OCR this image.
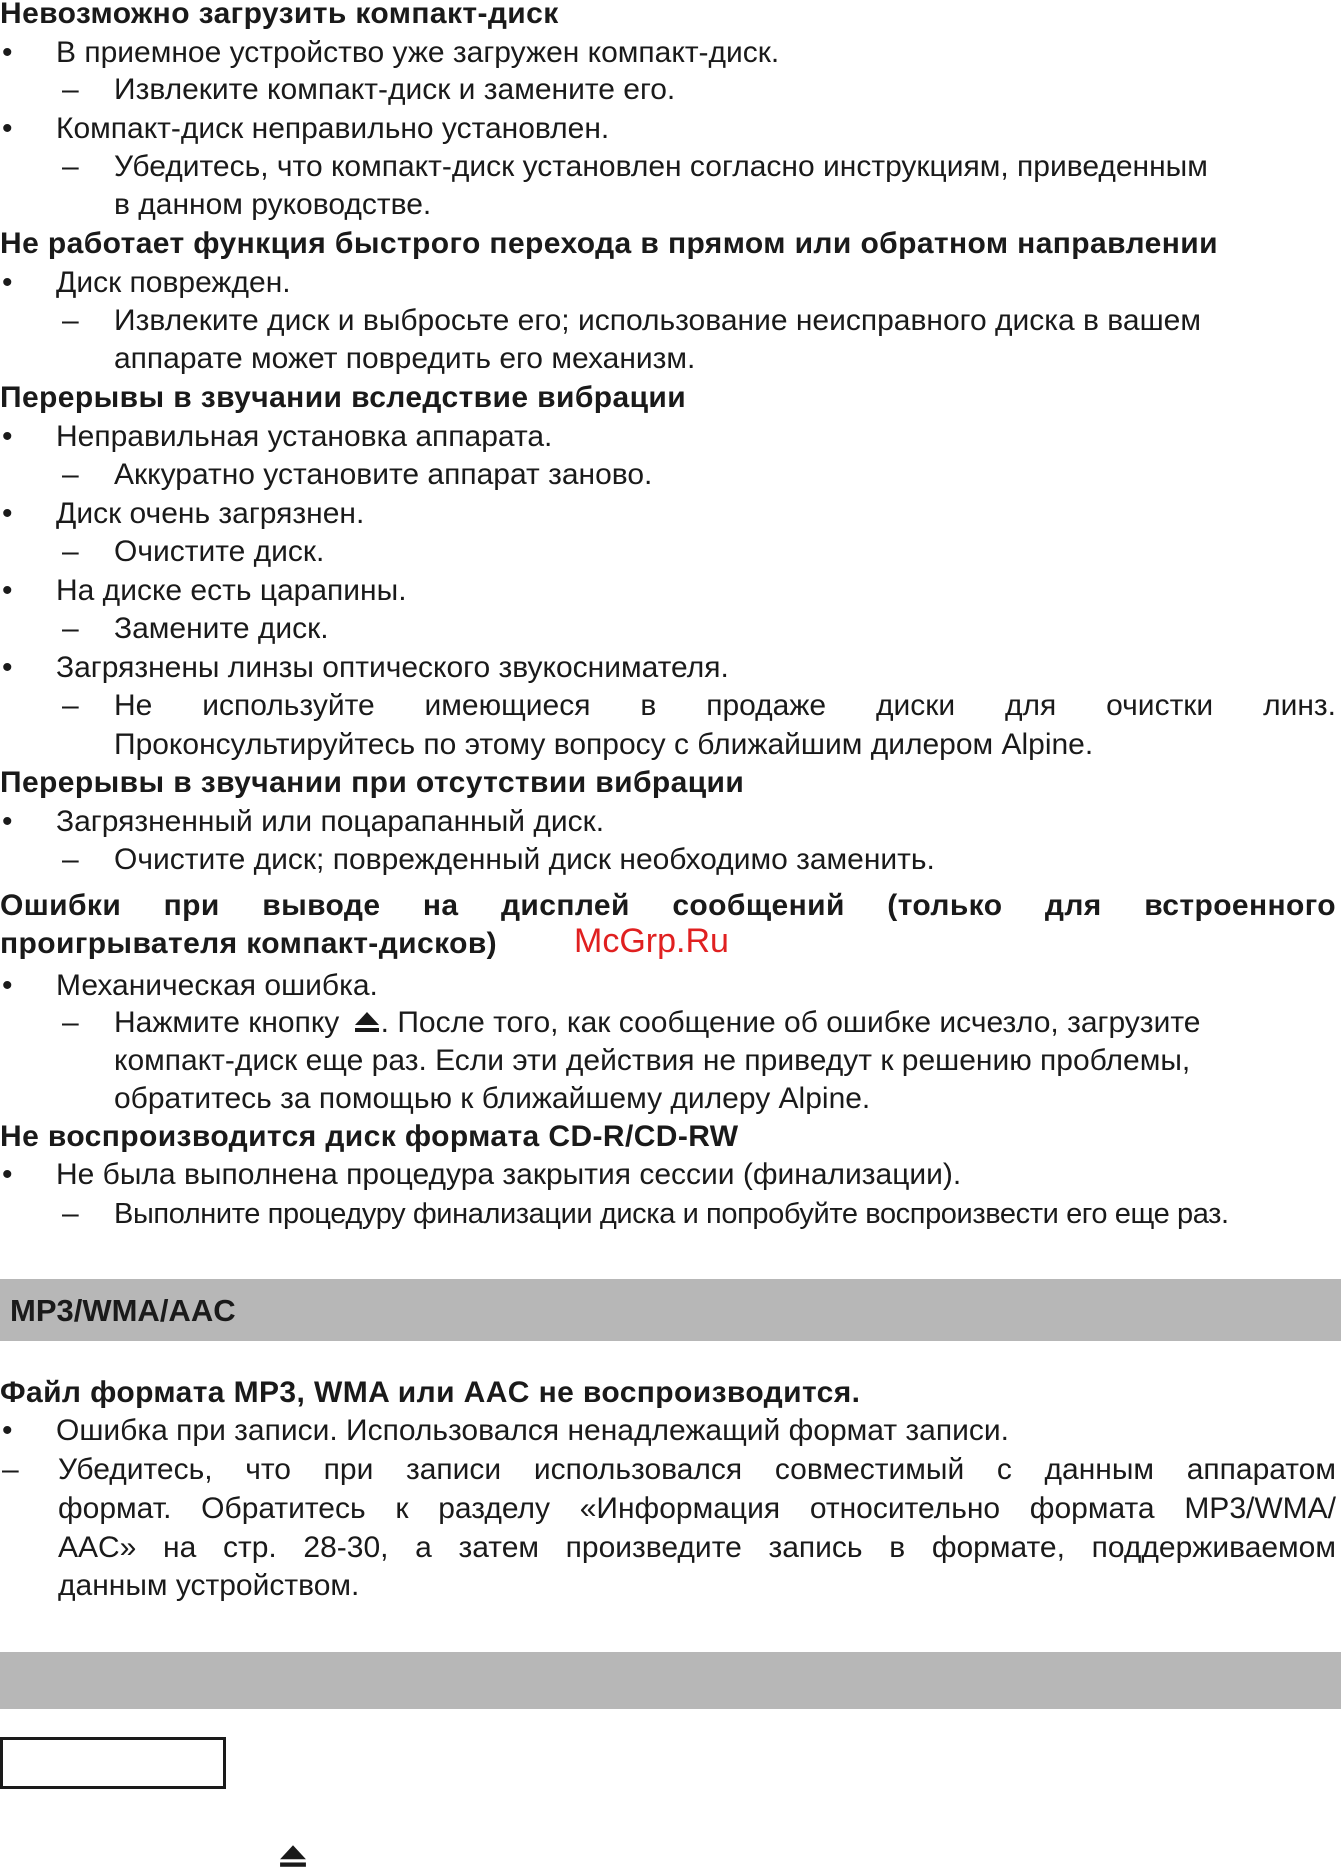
Невозможно загрузить компакт-диск
• В приемное устройство уже загружен компакт-диск.
– Извлеките компакт-диск и замените его.
• Компакт-диск неправильно установлен.
– Убедитесь, что компакт-диск установлен согласно инструкциям, приведенным
в данном руководстве.
Не работает функция быстрого перехода в прямом или обратном направлении
• Диск поврежден.
– Извлеките диск и выбросьте его; использование неисправного диска в вашем
аппарате может повредить его механизм.
Перерывы в звучании вследствие вибрации
• Неправильная установка аппарата.
– Аккуратно установите аппарат заново.
• Диск очень загрязнен.
– Очистите диск.
• На диске есть царапины.
– Замените диск.
• Загрязнены линзы оптического звукоснимателя.
– Не используйте имеющиеся в продаже диски для очистки линз.
Проконсультируйтесь по этому вопросу с ближайшим дилером Alpine.
Перерывы в звучании при отсутствии вибрации
• Загрязненный или поцарапанный диск.
– Очистите диск; поврежденный диск необходимо заменить.
Ошибки при выводе на дисплей сообщений (только для встроенного
проигрывателя компакт-дисков) McGrp.Ru
• Механическая ошибка.
– Нажмите кнопку . После того, как сообщение об ошибке исчезло, загрузите
компакт-диск еще раз. Если эти действия не приведут к решению проблемы,
обратитесь за помощью к ближайшему дилеру Alpine.
Не воспроизводится диск формата CD-R/CD-RW
• Не была выполнена процедура закрытия сессии (финализации).
– Выполните процедуру финализации диска и попробуйте воспроизвести его еще раз.
MP3/WMA/AAC
Файл формата MP3, WMA или AAC не воспроизводится.
• Ошибка при записи. Использовался ненадлежащий формат записи.
– Убедитесь, что при записи использовался совместимый с данным аппаратом
формат. Обратитесь к разделу «Информация относительно формата MP3/WMA/
AAC» на стр. 28-30, а затем произведите запись в формате, поддерживаемом
данным устройством.
